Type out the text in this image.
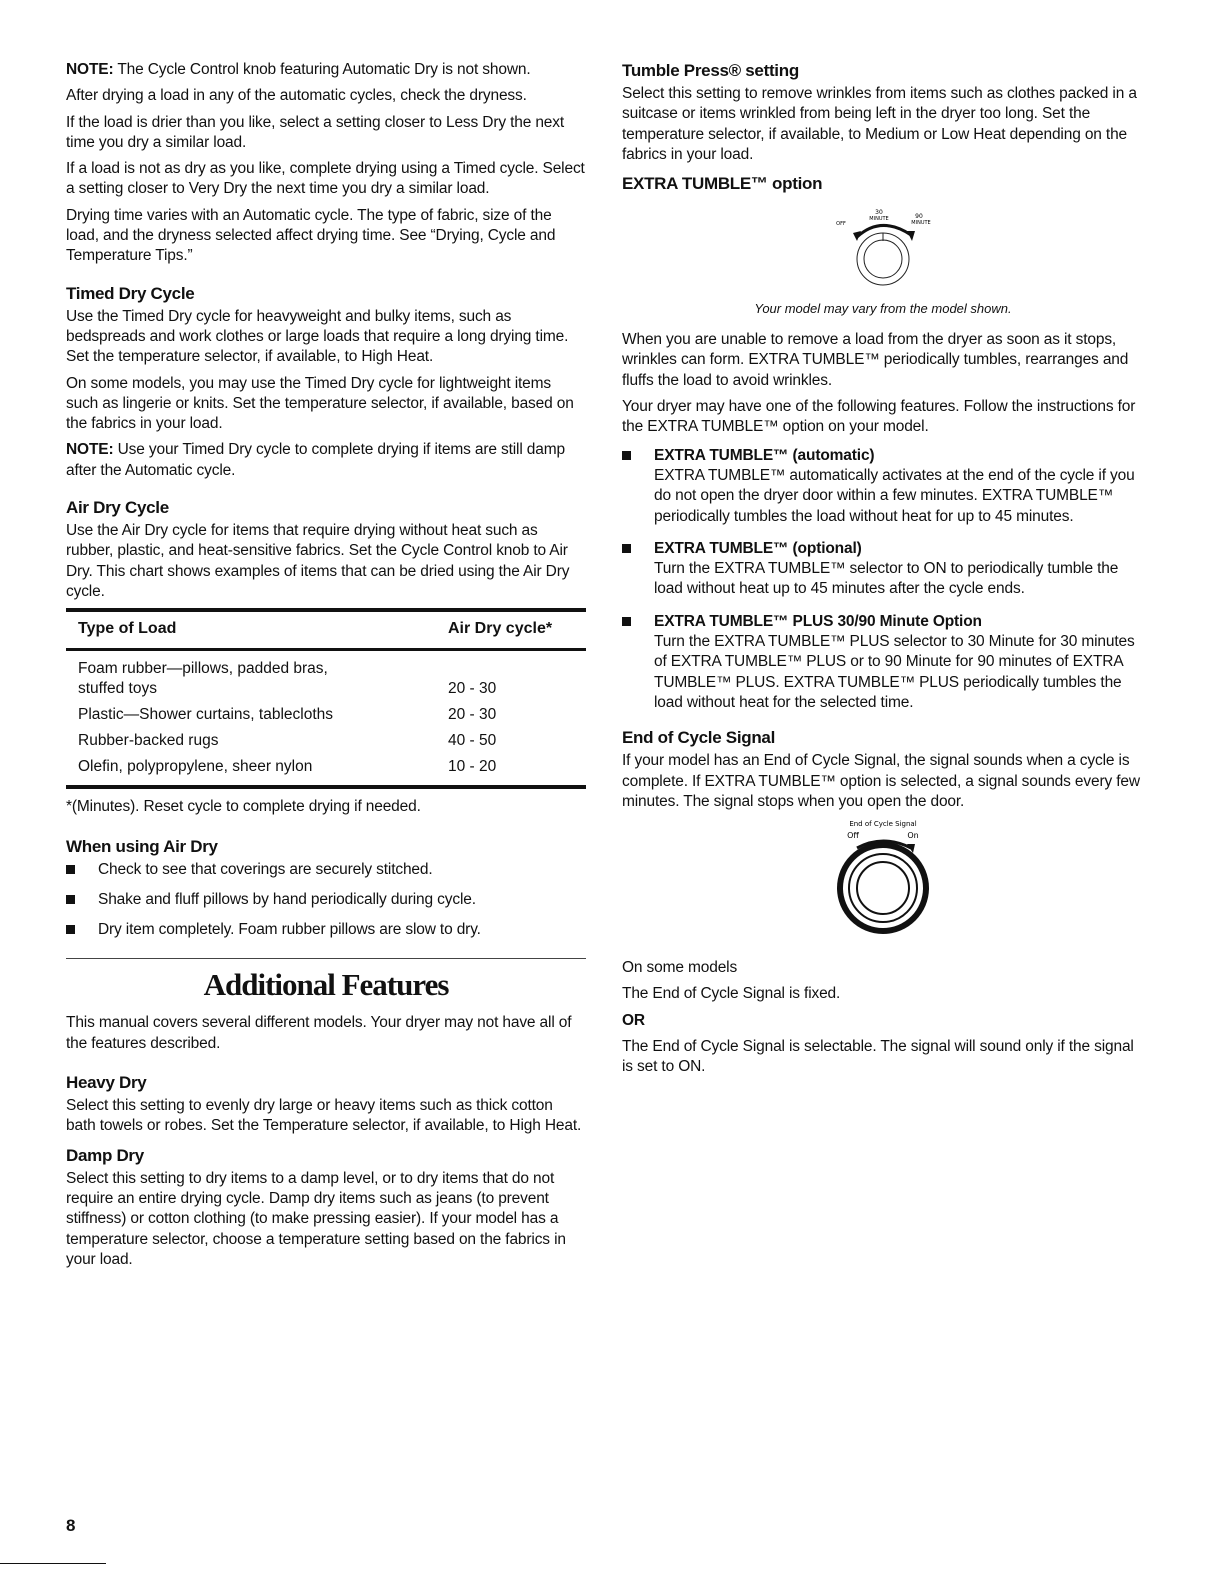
NOTE: The Cycle Control knob featuring Automatic Dry is not shown.

After drying a load in any of the automatic cycles, check the dryness.

If the load is drier than you like, select a setting closer to Less Dry the next time you dry a similar load.

If a load is not as dry as you like, complete drying using a Timed cycle. Select a setting closer to Very Dry the next time you dry a similar load.

Drying time varies with an Automatic cycle. The type of fabric, size of the load, and the dryness selected affect drying time. See “Drying, Cycle and Temperature Tips.”

Timed Dry Cycle

Use the Timed Dry cycle for heavyweight and bulky items, such as bedspreads and work clothes or large loads that require a long drying time. Set the temperature selector, if available, to High Heat.

On some models, you may use the Timed Dry cycle for lightweight items such as lingerie or knits. Set the temperature selector, if available, based on the fabrics in your load.

NOTE: Use your Timed Dry cycle to complete drying if items are still damp after the Automatic cycle.

Air Dry Cycle

Use the Air Dry cycle for items that require drying without heat such as rubber, plastic, and heat-sensitive fabrics. Set the Cycle Control knob to Air Dry. This chart shows examples of items that can be dried using the Air Dry cycle.

Type of Load	Air Dry cycle*
Foam rubber—pillows, padded bras, stuffed toys	20 - 30
Plastic—Shower curtains, tablecloths	20 - 30
Rubber-backed rugs	40 - 50
Olefin, polypropylene, sheer nylon	10 - 20

*(Minutes). Reset cycle to complete drying if needed.

When using Air Dry

Check to see that coverings are securely stitched.

Shake and fluff pillows by hand periodically during cycle.

Dry item completely. Foam rubber pillows are slow to dry.

Additional Features

This manual covers several different models. Your dryer may not have all of the features described.

Heavy Dry

Select this setting to evenly dry large or heavy items such as thick cotton bath towels or robes. Set the Temperature selector, if available, to High Heat.

Damp Dry

Select this setting to dry items to a damp level, or to dry items that do not require an entire drying cycle. Damp dry items such as jeans (to prevent stiffness) or cotton clothing (to make pressing easier). If your model has a temperature selector, choose a temperature setting based on the fabrics in your load.

Tumble Press® setting

Select this setting to remove wrinkles from items such as clothes packed in a suitcase or items wrinkled from being left in the dryer too long. Set the temperature selector, if available, to Medium or Low Heat depending on the fabrics in your load.

EXTRA TUMBLE™ option
30
MINUTE	90
MINUTE
OFF
Your model may vary from the model shown.

When you are unable to remove a load from the dryer as soon as it stops, wrinkles can form. EXTRA TUMBLE™ periodically tumbles, rearranges and fluffs the load to avoid wrinkles.

Your dryer may have one of the following features. Follow the instructions for the EXTRA TUMBLE™ option on your model.

EXTRA TUMBLE™ (automatic)

EXTRA TUMBLE™ automatically activates at the end of the cycle if you do not open the dryer door within a few minutes. EXTRA TUMBLE™ periodically tumbles the load without heat for up to 45 minutes.

EXTRA TUMBLE™ (optional)

Turn the EXTRA TUMBLE™ selector to ON to periodically tumble the load without heat up to 45 minutes after the cycle ends.

EXTRA TUMBLE™ PLUS 30/90 Minute Option

Turn the EXTRA TUMBLE™ PLUS selector to 30 Minute for 30 minutes of EXTRA TUMBLE™ PLUS or to 90 Minute for 90 minutes of EXTRA TUMBLE™ PLUS. EXTRA TUMBLE™ PLUS periodically tumbles the load without heat for the selected time.

End of Cycle Signal

If your model has an End of Cycle Signal, the signal sounds when a cycle is complete. If EXTRA TUMBLE™ option is selected, a signal sounds every few minutes. The signal stops when you open the door.

End of Cycle Signal
Off	On

On some models

The End of Cycle Signal is fixed.

OR

The End of Cycle Signal is selectable. The signal will sound only if the signal is set to ON.

8
